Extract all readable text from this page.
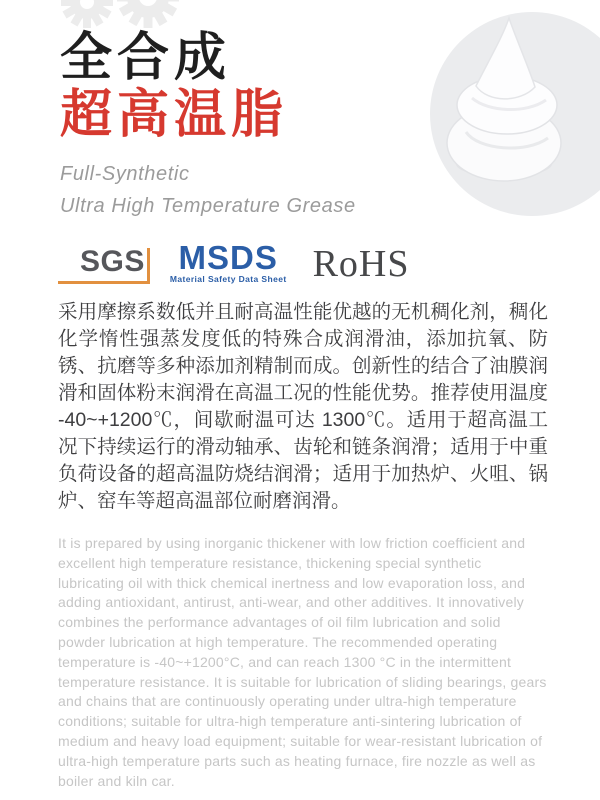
全合成
超高温脂

Full-Synthetic
Ultra High Temperature Grease

SGS MSDS
Material Safety Data Sheet RoHS

采用摩擦系数低并且耐高温性能优越的无机稠化剂，稠化化学惰性强蒸发度低的特殊合成润滑油，添加抗氧、防锈、抗磨等多种添加剂精制而成。创新性的结合了油膜润滑和固体粉末润滑在高温工况的性能优势。推荐使用温度 -40~+1200℃，间歇耐温可达 1300℃。适用于超高温工况下持续运行的滑动轴承、齿轮和链条润滑；适用于中重负荷设备的超高温防烧结润滑；适用于加热炉、火咀、锅炉、窑车等超高温部位耐磨润滑。

It is prepared by using inorganic thickener with low friction coefficient and excellent high temperature resistance, thickening special synthetic lubricating oil with thick chemical inertness and low evaporation loss, and adding antioxidant, antirust, anti-wear, and other additives. It innovatively combines the performance advantages of oil film lubrication and solid powder lubrication at high temperature. The recommended operating temperature is -40~+1200°C, and can reach 1300 °C in the intermittent temperature resistance. It is suitable for lubrication of sliding bearings, gears and chains that are continuously operating under ultra-high temperature conditions; suitable for ultra-high temperature anti-sintering lubrication of medium and heavy load equipment; suitable for wear-resistant lubrication of ultra-high temperature parts such as heating furnace, fire nozzle as well as boiler and kiln car.
